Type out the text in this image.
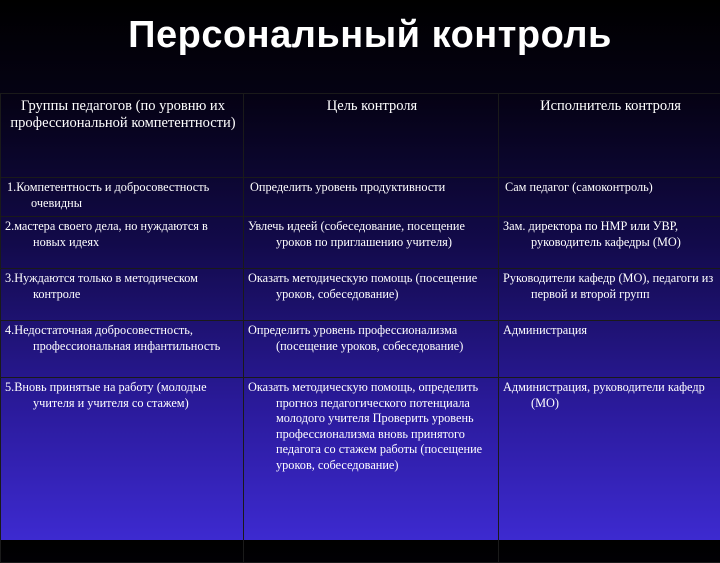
Персональный контроль
Группы педагогов (по уровню их профессиональной компетентности)	Цель контроля	Исполнитель контроля
1.Компетентность и добросовестность очевидны	Определить уровень продуктивности	Сам педагог (самоконтроль)
2.мастера своего дела, но нуждаются в новых идеях	Увлечь идеей (собеседование, посещение уроков по приглашению учителя)	Зам. директора по НМР или УВР, руководитель кафедры (МО)
3.Нуждаются только в методическом контроле	Оказать методическую помощь (посещение уроков, собеседование)	Руководители кафедр (МО), педагоги из первой и второй групп
4.Недостаточная добросовестность, профессиональная инфантильность	Определить уровень профессионализма (посещение уроков, собеседование)	Администрация
5.Вновь принятые на работу (молодые учителя и учителя со стажем)	Оказать методическую помощь, определить прогноз педагогического потенциала молодого учителя Проверить уровень профессионализма вновь принятого педагога со стажем работы (посещение уроков, собеседование)	Администрация, руководители кафедр (МО)
